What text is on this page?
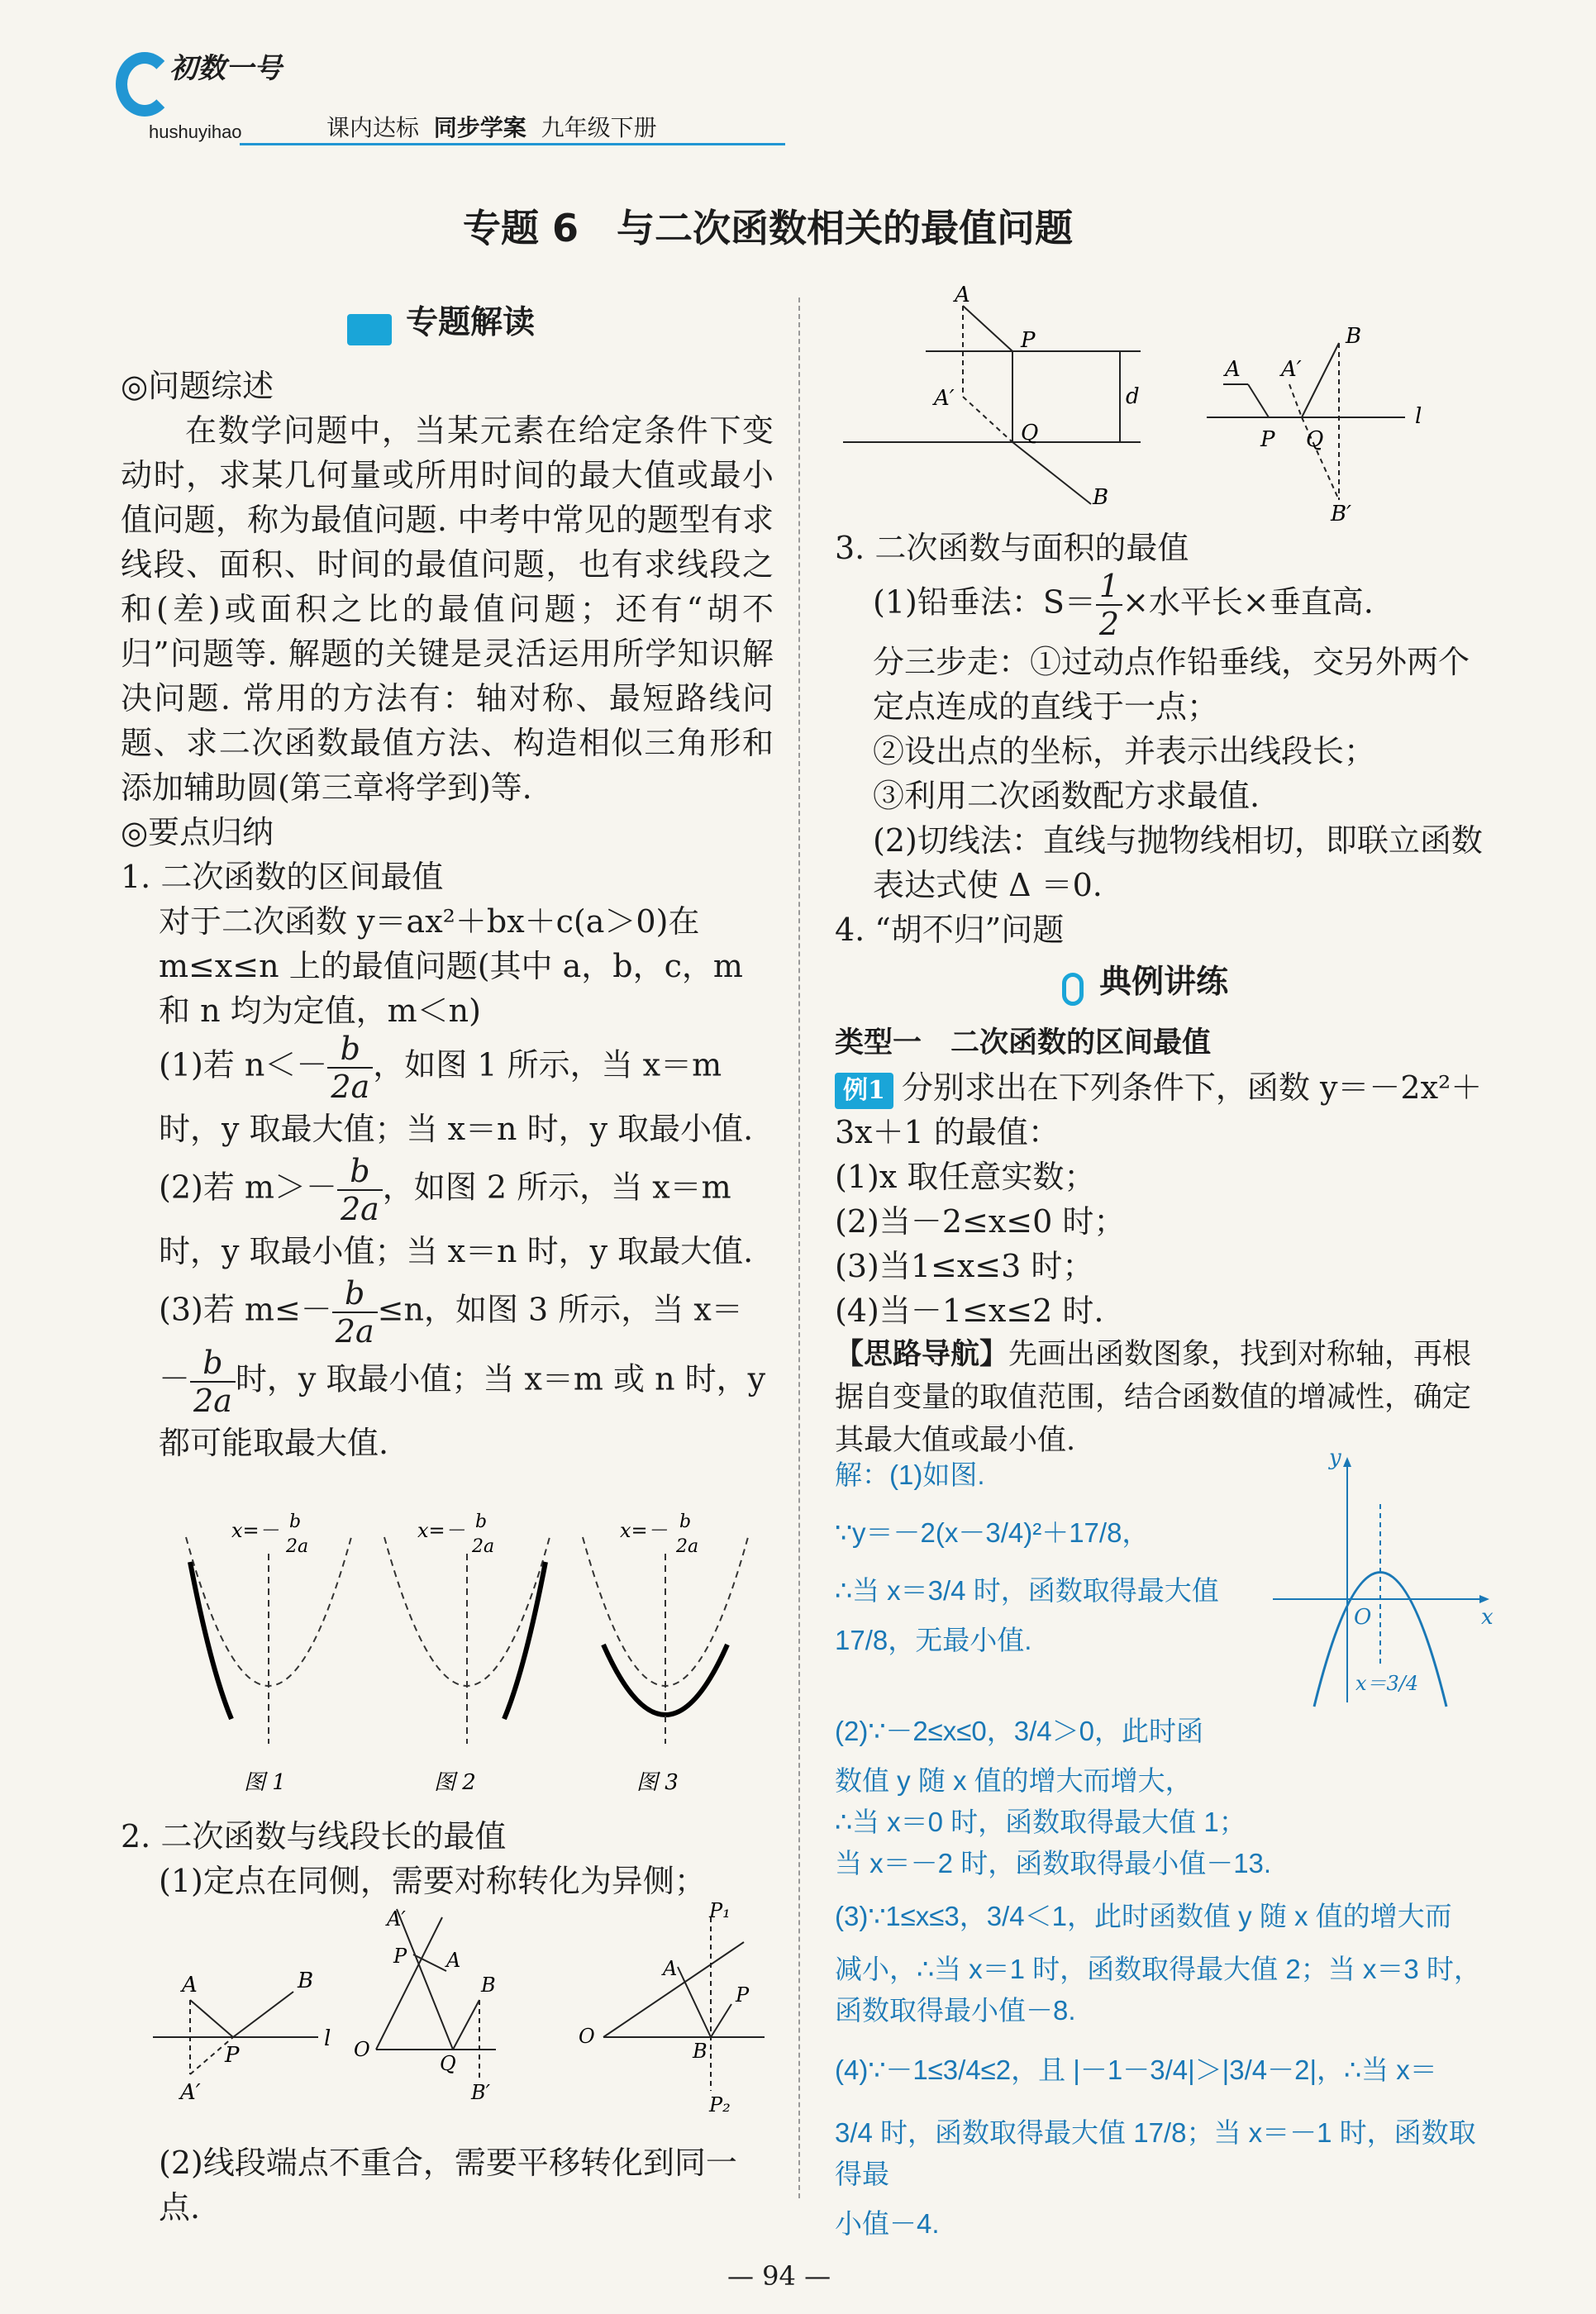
初数一号
hushuyihao	课内达标 同步学案 九年级下册
专题 6　与二次函数相关的最值问题
专题解读

◎问题综述

在数学问题中，当某元素在给定条件下变动时，求某几何量或所用时间的最大值或最小值问题，称为最值问题. 中考中常见的题型有求线段、面积、时间的最值问题，也有求线段之和(差)或面积之比的最值问题；还有“胡不归”问题等. 解题的关键是灵活运用所学知识解决问题. 常用的方法有：轴对称、最短路线问题、求二次函数最值方法、构造相似三角形和添加辅助圆(第三章将学到)等.

◎要点归纳

1. 二次函数的区间最值

对于二次函数 y＝ax²＋bx＋c(a＞0)在 m≤x≤n 上的最值问题(其中 a，b，c，m 和 n 均为定值，m＜n)

(1)若 $n<- \frac{b}{2a}$ ，如图 1 所示，当 x＝m 时，y 取最大值；当 x＝n 时，y 取最小值.

(2)若 $m>- \frac{b}{2a}$ ，如图 2 所示，当 x＝m 时，y 取最小值；当 x＝n 时，y 取最大值.

(3)若 $m\le- \frac{b}{2a} \le n$，如图 3 所示，当 $x=- \frac{b}{2a}$ 时，y 取最小值；当 x＝m 或 n 时，y 都可能取最大值.

x=－ b
2a
图 1
x=－ b
2a
图 2
x=－ b
2a
图 3

2. 二次函数与线段长的最值

(1)定点在同侧，需要对称转化为异侧；

A	B
P
l
A′
A′
P A
B
O
Q
B′
P₁
A
P
O
B
P₂

(2)线段端点不重合，需要平移转化到同一点.

A
P
d
A′
Q
B
A A′
B
P Q
l
B′

3. 二次函数与面积的最值

(1)铅垂法：$S= \frac{1}{2}$ ×水平长×垂直高.

分三步走：①过动点作铅垂线，交另外两个定点连成的直线于一点；

②设出点的坐标，并表示出线段长；

③利用二次函数配方求最值.

(2)切线法：直线与抛物线相切，即联立函数表达式使 Δ ＝0.

4. “胡不归”问题

典例讲练

类型一　二次函数的区间最值

例1 分别求出在下列条件下，函数 y＝－2x²＋3x＋1 的最值：

(1)x 取任意实数；

(2)当－2≤x≤0 时；

(3)当1≤x≤3 时；

(4)当－1≤x≤2 时.

【思路导航】先画出函数图象，找到对称轴，再根据自变量的取值范围，结合函数值的增减性，确定其最大值或最小值.

解：(1)如图.

∵y＝－2(x－3/4)²＋17/8，

∴当 x＝3/4 时，函数取得最大值

17/8，无最小值.

y
x
O
x＝3/4

(2)∵－2≤x≤0，3/4＞0，此时函

数值 y 随 x 值的增大而增大，

∴当 x＝0 时，函数取得最大值 1；

当 x＝－2 时，函数取得最小值－13.

(3)∵1≤x≤3，3/4＜1，此时函数值 y 随 x 值的增大而

减小，∴当 x＝1 时，函数取得最大值 2；当 x＝3 时，

函数取得最小值－8.

(4)∵－1≤3/4≤2，且 |－1－3/4|＞|3/4－2|，∴当 x＝

3/4 时，函数取得最大值 17/8；当 x＝－1 时，函数取得最

小值－4.

— 94 —
